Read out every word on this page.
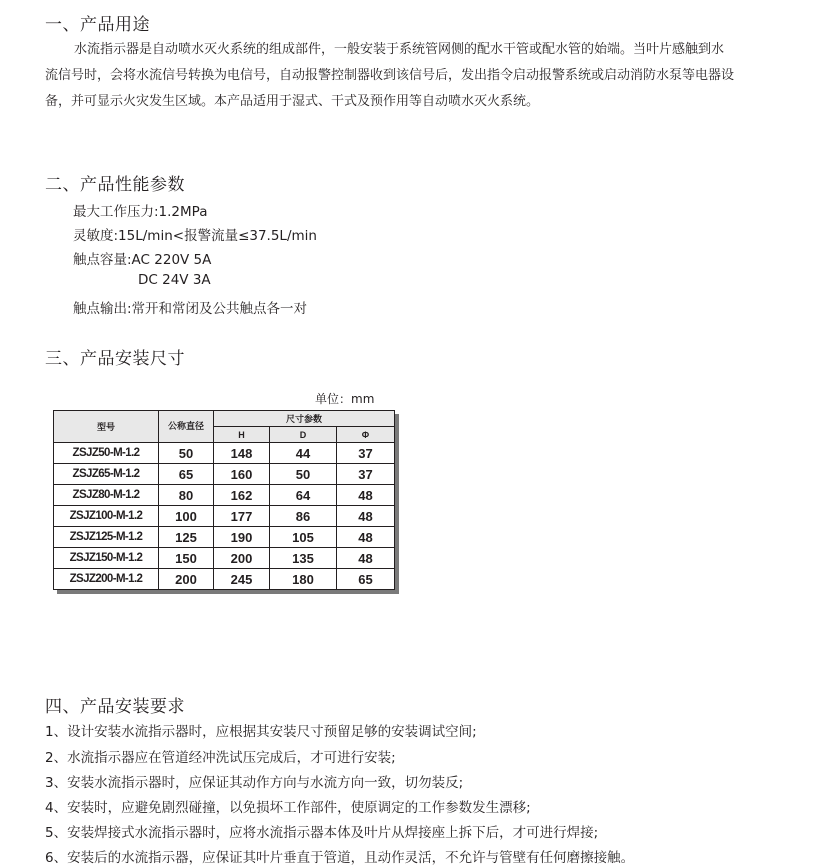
一、产品用途
水流指示器是自动喷水灭火系统的组成部件，一般安装于系统管网侧的配水干管或配水管的始端。当叶片感触到水流信号时，会将水流信号转换为电信号，自动报警控制器收到该信号后，发出指令启动报警系统或启动消防水泵等电器设备，并可显示火灾发生区域。本产品适用于湿式、干式及预作用等自动喷水灭火系统。
二、产品性能参数
最大工作压力:1.2MPa
灵敏度:15L/min<报警流量≤37.5L/min
触点容量:AC 220V 5A
DC 24V 3A
触点输出:常开和常闭及公共触点各一对
三、产品安装尺寸
单位：mm
型号	公称直径	尺寸参数		
		H	D	Φ
ZSJZ50-M-1.2	50	148	44	37
ZSJZ65-M-1.2	65	160	50	37
ZSJZ80-M-1.2	80	162	64	48
ZSJZ100-M-1.2	100	177	86	48
ZSJZ125-M-1.2	125	190	105	48
ZSJZ150-M-1.2	150	200	135	48
ZSJZ200-M-1.2	200	245	180	65
四、产品安装要求
1、设计安装水流指示器时，应根据其安装尺寸预留足够的安装调试空间;
2、水流指示器应在管道经冲洗试压完成后，才可进行安装;
3、安装水流指示器时，应保证其动作方向与水流方向一致，切勿装反;
4、安装时，应避免剧烈碰撞，以免损坏工作部件，使原调定的工作参数发生漂移;
5、安装焊接式水流指示器时，应将水流指示器本体及叶片从焊接座上拆下后，才可进行焊接;
6、安装后的水流指示器，应保证其叶片垂直于管道，且动作灵活，不允许与管壁有任何磨擦接触。
